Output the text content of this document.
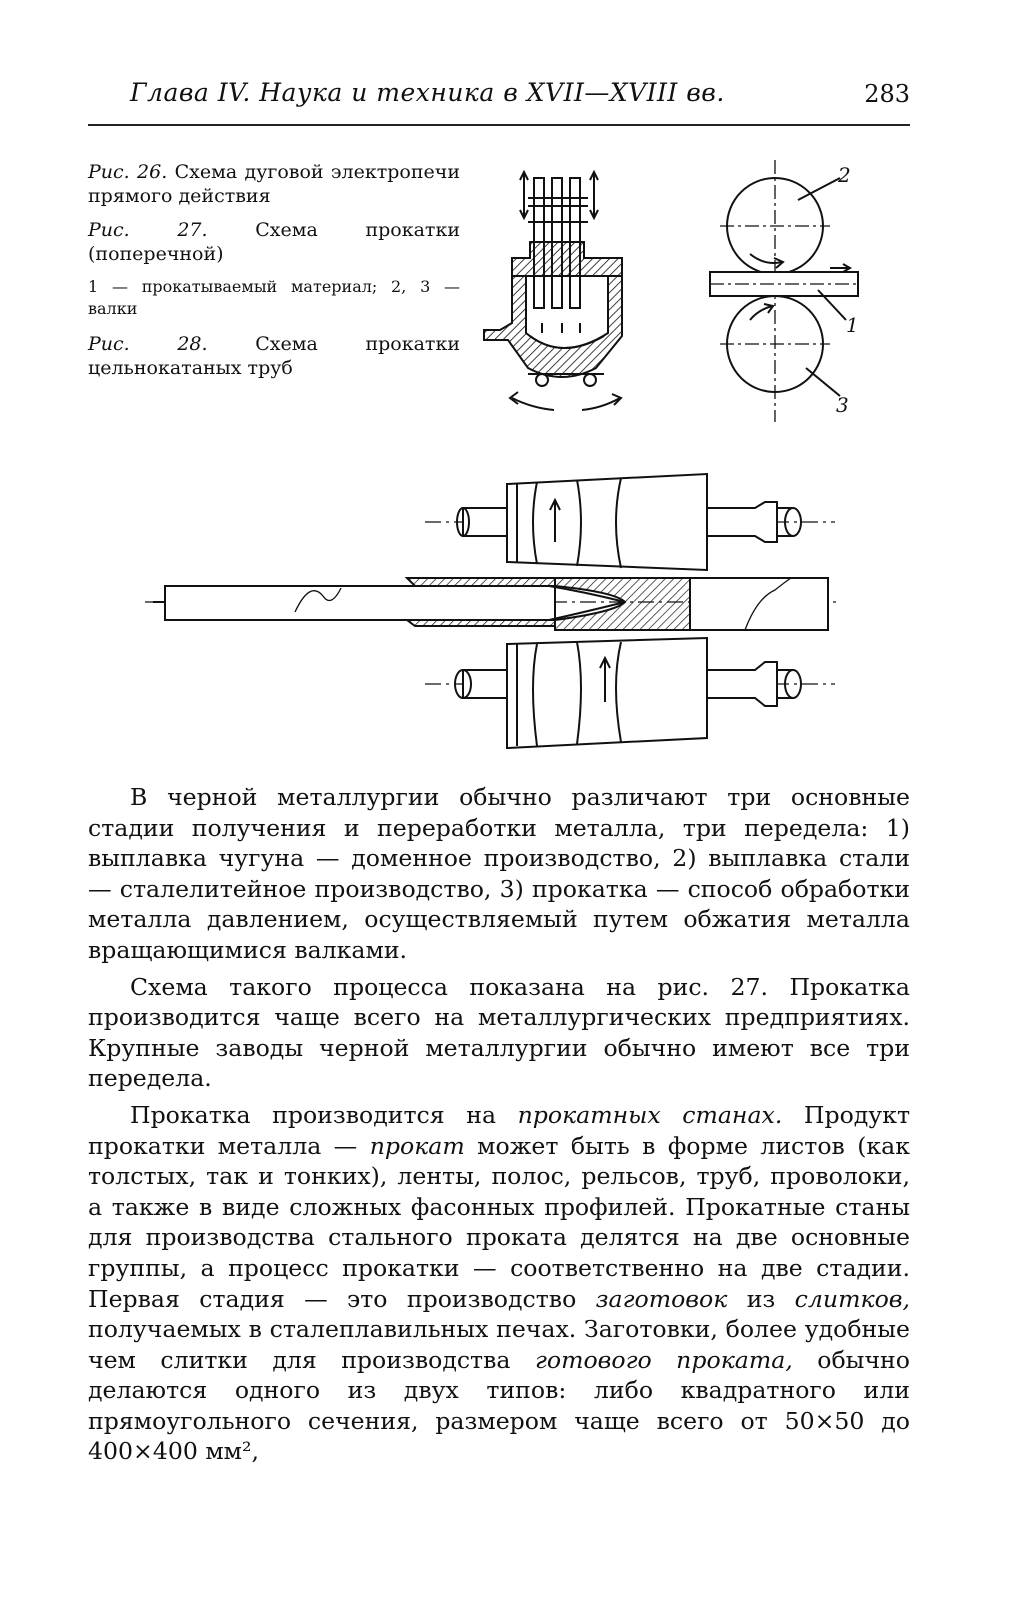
Глава IV. Наука и техника в XVII—XVIII вв.	283
Рис. 26. Схема дуговой электропечи прямого действия
Рис. 27.	Схема прокатки (поперечной)
1 — прокатываемый материал; 2, 3 — валки
Рис. 28.	Схема прокатки цельнокатаных труб
2
1
3

В черной металлургии обычно различают три основные стадии получения и переработки металла, три передела: 1) выплавка чугуна — доменное производство, 2) выплавка стали — сталелитейное производство, 3) прокатка — способ обработки металла давлением, осуществляемый путем обжатия металла вращающимися валками.

Схема такого процесса показана на рис. 27. Прокатка производится чаще всего на металлургических предприятиях. Крупные заводы черной металлургии обычно имеют все три передела.

Прокатка производится на прокатных станах. Продукт прокатки металла — прокат может быть в форме листов (как толстых, так и тонких), ленты, полос, рельсов, труб, проволоки, а также в виде сложных фасонных профилей. Прокатные станы для производства стального проката делятся на две основные группы, а процесс прокатки — соответственно на две стадии. Первая стадия — это производство заготовок из слитков, получаемых в сталеплавильных печах. Заготовки, более удобные чем слитки для производства готового проката, обычно делаются одного из двух типов: либо квадратного или прямоугольного сечения, размером чаще всего от 50×50 до 400×400 мм²,
